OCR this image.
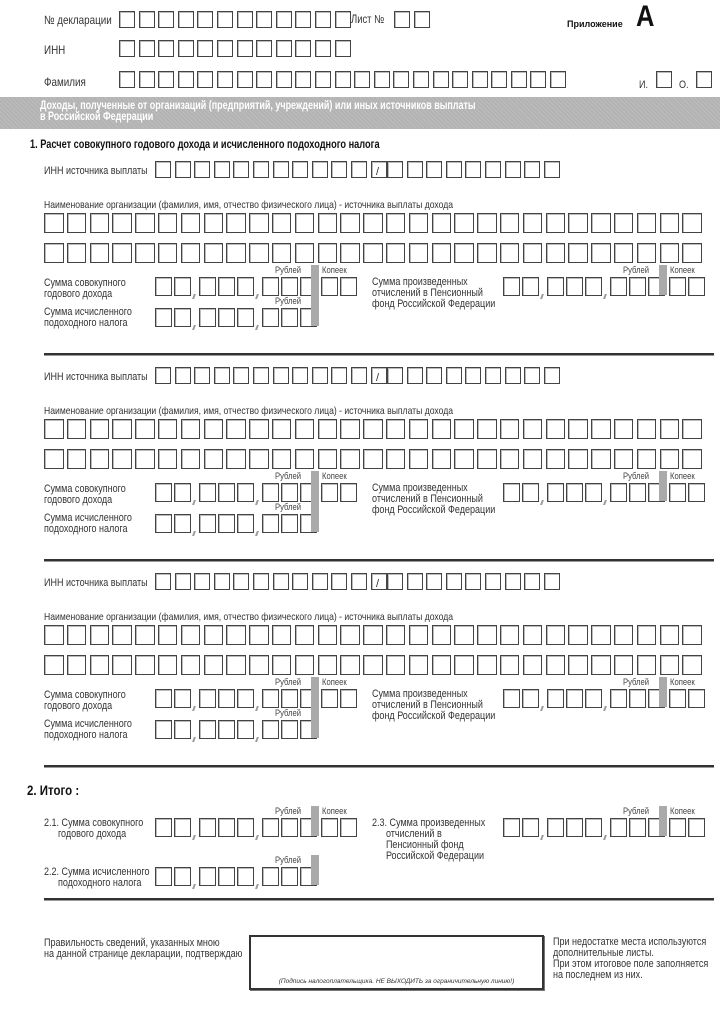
№ декларации	Лист №	Приложение А
ИНН
Фамилия	И.	О.
Доходы, полученные от организаций (предприятий, учреждений) или иных источников выплаты
в Российской Федерации
1. Расчет совокупного годового дохода и исчисленного подоходного налога
ИНН источника выплаты	/
Наименование организации (фамилия, имя, отчество физического лица) - источника выплаты дохода
Сумма совокупного
годового дохода
Рублей Копеек
Сумма исчисленного
подоходного налога
Рублей
Сумма произведенных
отчислений в Пенсионный
фонд Российской Федерации
Рублей Копеек
ИНН источника выплаты	/
Наименование организации (фамилия, имя, отчество физического лица) - источника выплаты дохода
Сумма совокупного
годового дохода
Рублей Копеек
Сумма исчисленного
подоходного налога
Рублей
Сумма произведенных
отчислений в Пенсионный
фонд Российской Федерации
Рублей Копеек
ИНН источника выплаты	/
Наименование организации (фамилия, имя, отчество физического лица) - источника выплаты дохода
Сумма совокупного
годового дохода
Рублей Копеек
Сумма исчисленного
подоходного налога
Рублей
Сумма произведенных
отчислений в Пенсионный
фонд Российской Федерации
Рублей Копеек
2. Итого :
2.1. Сумма совокупного
годового дохода
Рублей Копеек
2.2. Сумма исчисленного
подоходного налога
Рублей
2.3. Сумма произведенных
отчислений в
Пенсионный фонд
Российской Федерации
Рублей Копеек
Правильность сведений, указанных мною
на данной странице декларации, подтверждаю
(Подпись налогоплательщика. НЕ ВЫХОДИТЬ за ограничительную линию!)
При недостатке места используются
дополнительные листы.
При этом итоговое поле заполняется
на последнем из них.
